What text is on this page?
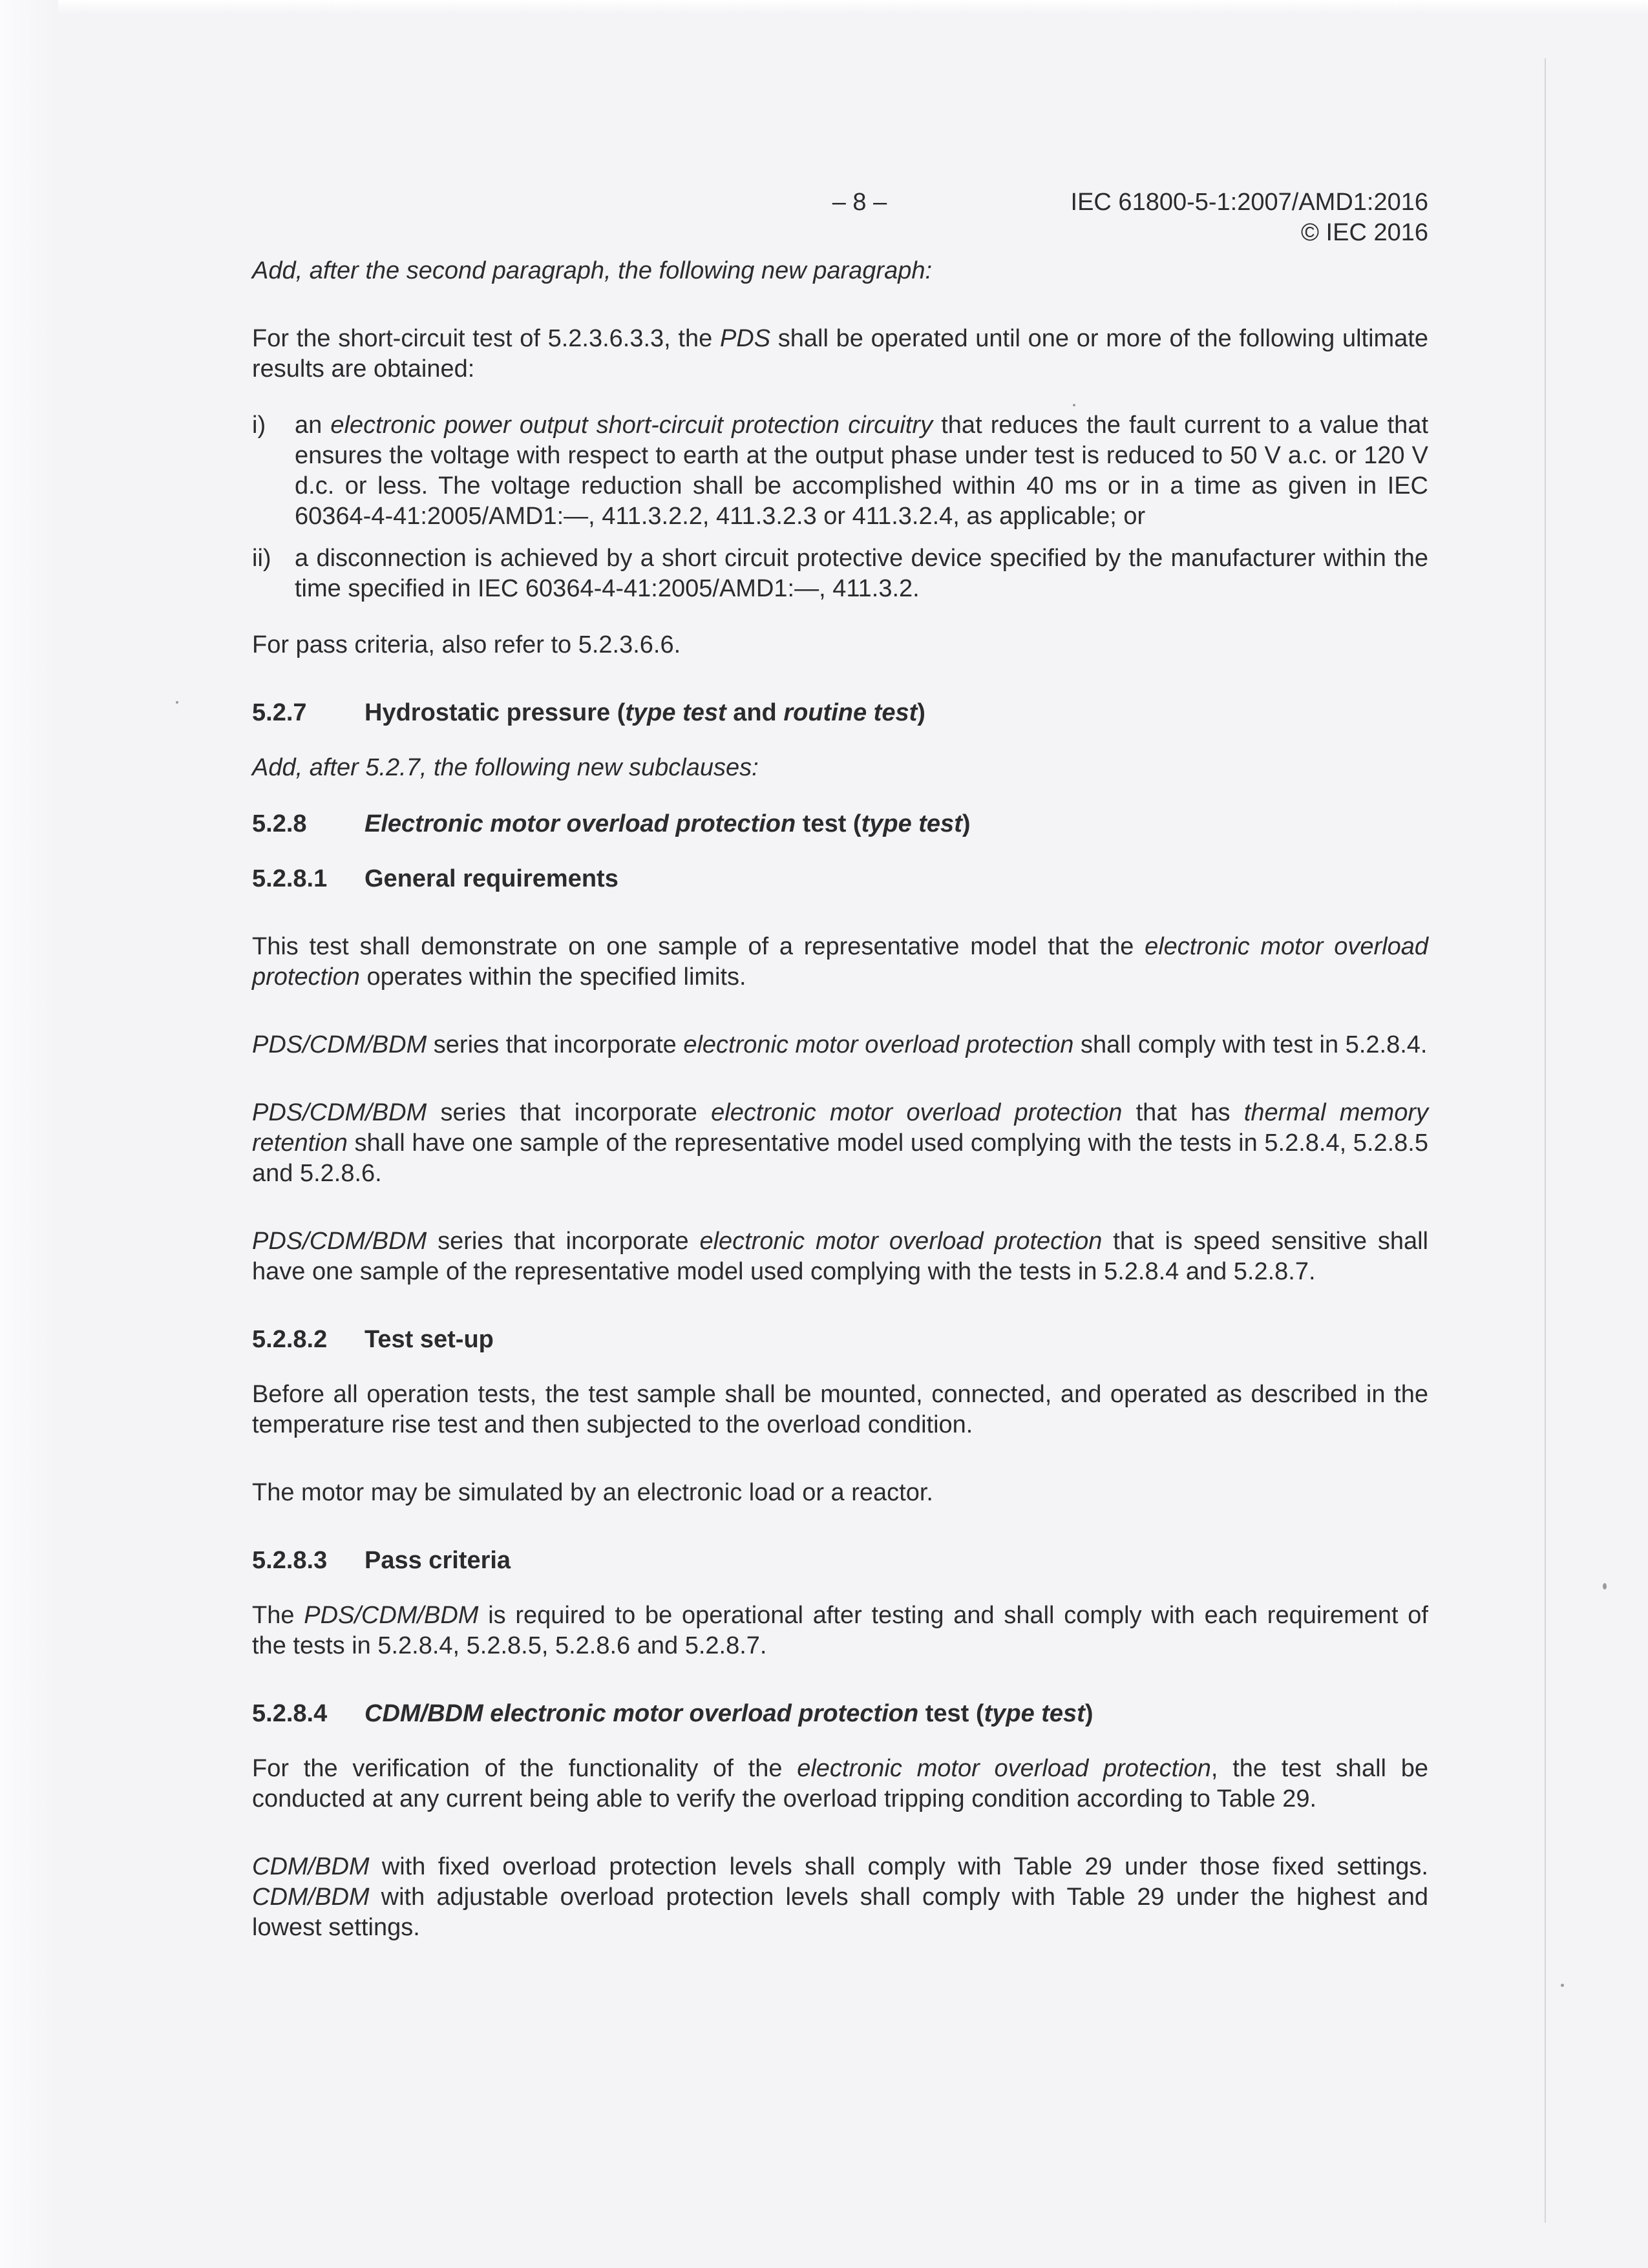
– 8 –	IEC 61800-5-1:2007/AMD1:2016
© IEC 2016

Add, after the second paragraph, the following new paragraph:

For the short-circuit test of 5.2.3.6.3.3, the PDS shall be operated until one or more of the following ultimate results are obtained:

i) an electronic power output short-circuit protection circuitry that reduces the fault current to a value that ensures the voltage with respect to earth at the output phase under test is reduced to 50 V a.c. or 120 V d.c. or less. The voltage reduction shall be accomplished within 40 ms or in a time as given in IEC 60364-4-41:2005/AMD1:—, 411.3.2.2, 411.3.2.3 or 411.3.2.4, as applicable; or
ii) a disconnection is achieved by a short circuit protective device specified by the manufacturer within the time specified in IEC 60364-4-41:2005/AMD1:—, 411.3.2.

For pass criteria, also refer to 5.2.3.6.6.

5.2.7 Hydrostatic pressure (type test and routine test)

Add, after 5.2.7, the following new subclauses:

5.2.8 Electronic motor overload protection test (type test)
5.2.8.1 General requirements

This test shall demonstrate on one sample of a representative model that the electronic motor overload protection operates within the specified limits.

PDS/CDM/BDM series that incorporate electronic motor overload protection shall comply with test in 5.2.8.4.

PDS/CDM/BDM series that incorporate electronic motor overload protection that has thermal memory retention shall have one sample of the representative model used complying with the tests in 5.2.8.4, 5.2.8.5 and 5.2.8.6.

PDS/CDM/BDM series that incorporate electronic motor overload protection that is speed sensitive shall have one sample of the representative model used complying with the tests in 5.2.8.4 and 5.2.8.7.

5.2.8.2 Test set-up

Before all operation tests, the test sample shall be mounted, connected, and operated as described in the temperature rise test and then subjected to the overload condition.

The motor may be simulated by an electronic load or a reactor.

5.2.8.3 Pass criteria

The PDS/CDM/BDM is required to be operational after testing and shall comply with each requirement of the tests in 5.2.8.4, 5.2.8.5, 5.2.8.6 and 5.2.8.7.

5.2.8.4 CDM/BDM electronic motor overload protection test (type test)

For the verification of the functionality of the electronic motor overload protection, the test shall be conducted at any current being able to verify the overload tripping condition according to Table 29.

CDM/BDM with fixed overload protection levels shall comply with Table 29 under those fixed settings. CDM/BDM with adjustable overload protection levels shall comply with Table 29 under the highest and lowest settings.
